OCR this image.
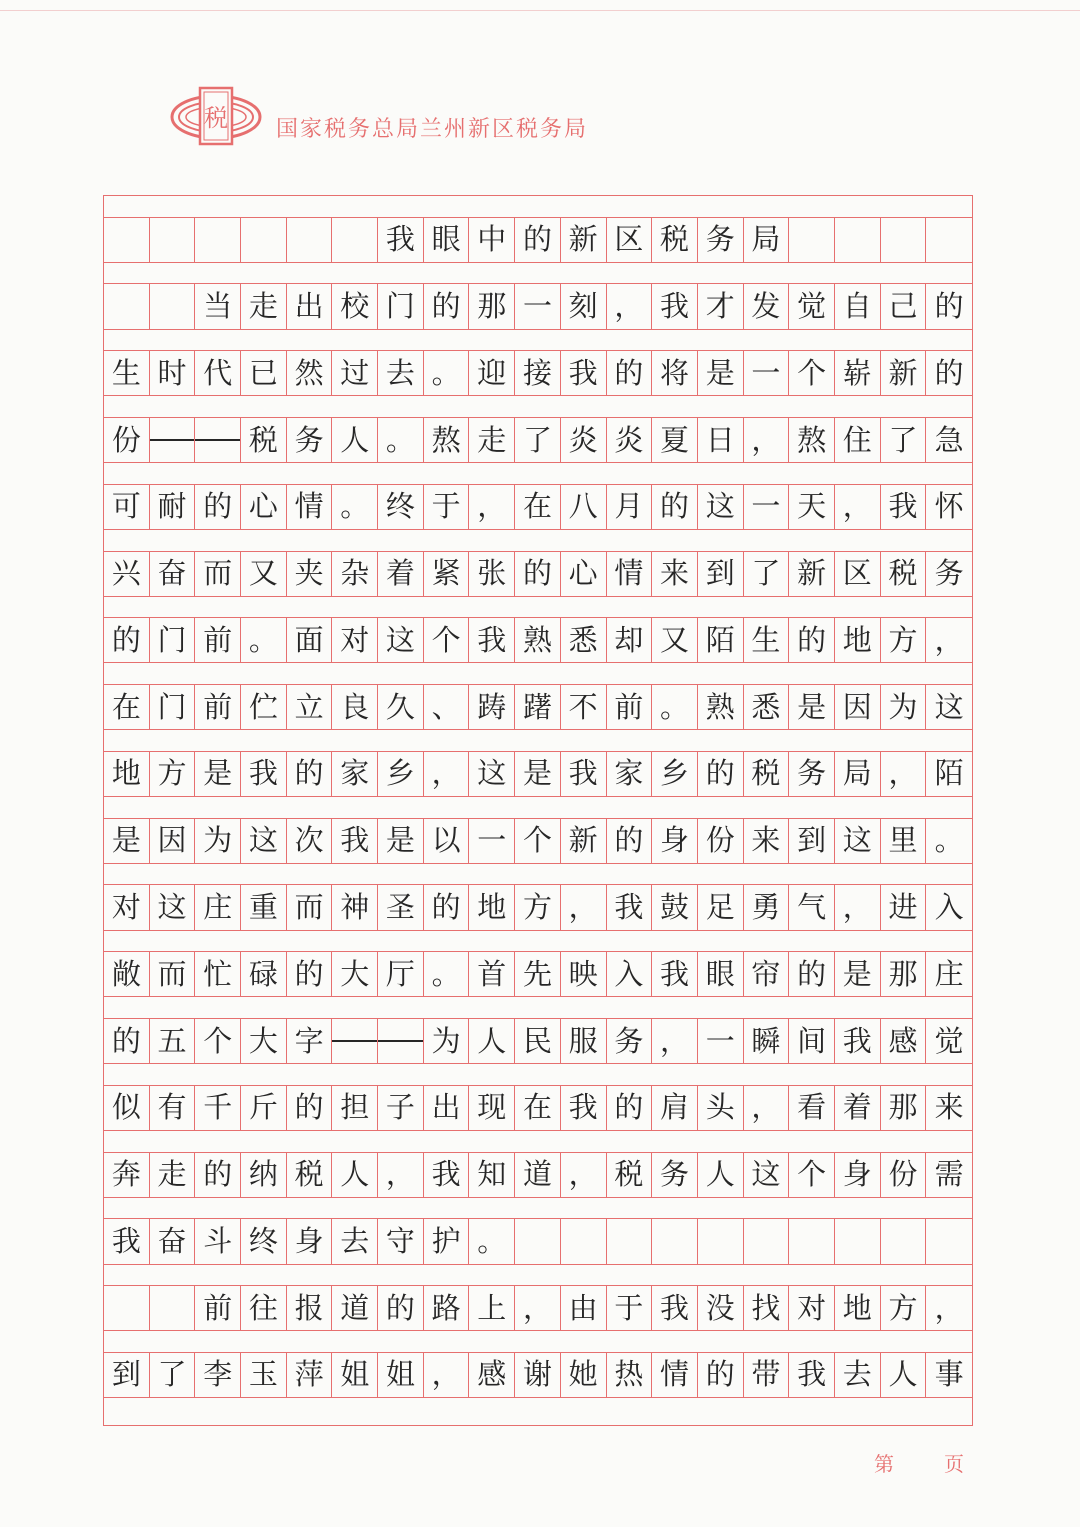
税 国家税务总局兰州新区税务局
我 眼 中 的 新 区 税 务 局
当 走 出 校 门 的 那 一 刻 ， 我 才 发 觉 自 己 的
生 时 代 已 然 过 去 。 迎 接 我 的 将 是 一 个 崭 新 的
份	税 务 人 。 熬 走 了 炎 炎 夏 日 ， 熬 住 了 急
可 耐 的 心 情 。 终 于 ， 在 八 月 的 这 一 天 ， 我 怀
兴 奋 而 又 夹 杂 着 紧 张 的 心 情 来 到 了 新 区 税 务
的 门 前 。 面 对 这 个 我 熟 悉 却 又 陌 生 的 地 方 ，
在 门 前 伫 立 良 久 、 踌 躇 不 前 。 熟 悉 是 因 为 这
地 方 是 我 的 家 乡 ， 这 是 我 家 乡 的 税 务 局 ， 陌
是 因 为 这 次 我 是 以 一 个 新 的 身 份 来 到 这 里 。
对 这 庄 重 而 神 圣 的 地 方 ， 我 鼓 足 勇 气 ， 进 入
敞 而 忙 碌 的 大 厅 。 首 先 映 入 我 眼 帘 的 是 那 庄
的 五 个 大 字	为 人 民 服 务 ， 一 瞬 间 我 感 觉
似 有 千 斤 的 担 子 出 现 在 我 的 肩 头 ， 看 着 那 来
奔 走 的 纳 税 人 ， 我 知 道 ， 税 务 人 这 个 身 份 需
我 奋 斗 终 身 去 守 护 。
前 往 报 道 的 路 上 ， 由 于 我 没 找 对 地 方 ，
到 了 李 玉 萍 姐 姐 ， 感 谢 她 热 情 的 带 我 去 人 事
第	页
